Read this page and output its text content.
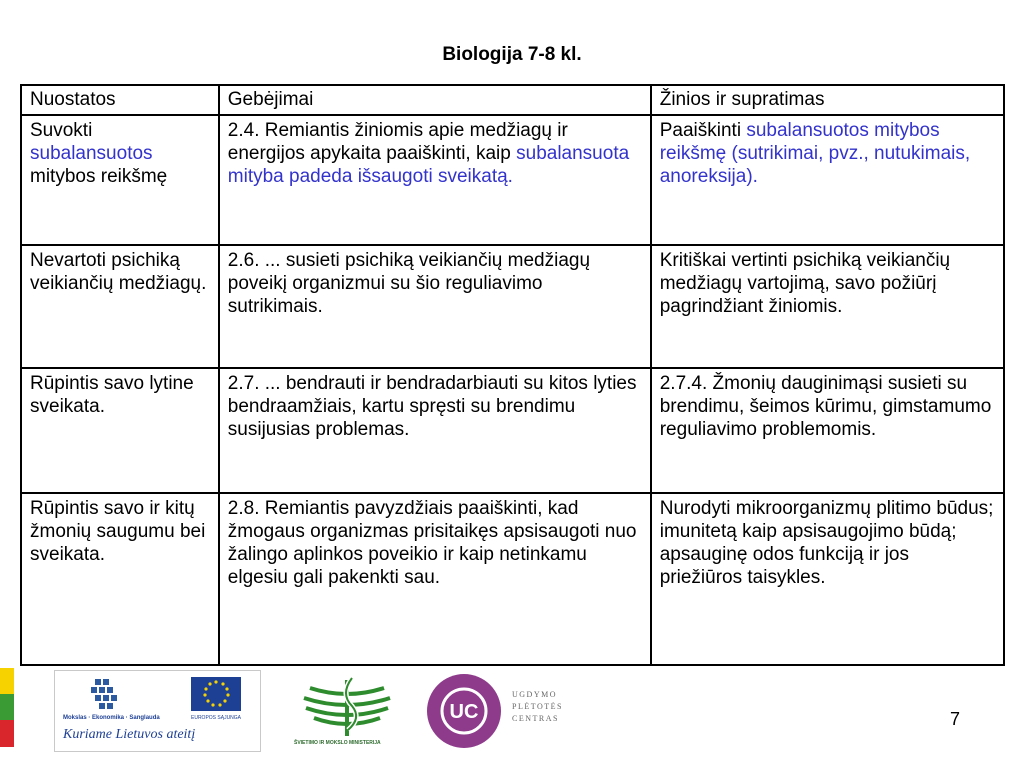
Biologija 7-8 kl.
Nuostatos	Gebėjimai	Žinios ir supratimas
Suvokti subalansuotos mitybos reikšmę	2.4. Remiantis žiniomis apie medžiagų ir energijos apykaita paaiškinti, kaip subalansuota mityba padeda išsaugoti sveikatą.	Paaiškinti subalansuotos mitybos reikšmę (sutrikimai, pvz., nutukimais, anoreksija).
Nevartoti psichiką veikiančių medžiagų.	2.6. ... susieti psichiką veikiančių medžiagų poveikį organizmui su šio reguliavimo sutrikimais.	Kritiškai vertinti psichiką veikiančių medžiagų vartojimą, savo požiūrį pagrindžiant žiniomis.
Rūpintis savo lytine sveikata.	2.7. ... bendrauti ir bendradarbiauti su kitos lyties bendraamžiais, kartu spręsti su brendimu susijusias problemas.	2.7.4. Žmonių dauginimąsi susieti su brendimu, šeimos kūrimu, gimstamumo reguliavimo problemomis.
Rūpintis savo ir kitų žmonių saugumu bei sveikata.	2.8. Remiantis pavyzdžiais paaiškinti, kad žmogaus organizmas prisitaikęs apsisaugoti nuo žalingo aplinkos poveikio ir kaip netinkamu elgesiu gali pakenkti sau.	Nurodyti mikroorganizmų plitimo būdus; imunitetą kaip apsisaugojimo būdą; apsauginę odos funkciją ir jos priežiūros taisykles.
Mokslas · Ekonomika · Sanglauda	EUROPOS SĄJUNGA
Kuriame Lietuvos ateitį
ŠVIETIMO IR MOKSLO MINISTERIJA
UC
UGDYMO
PLĖTOTĖS
CENTRAS	7
